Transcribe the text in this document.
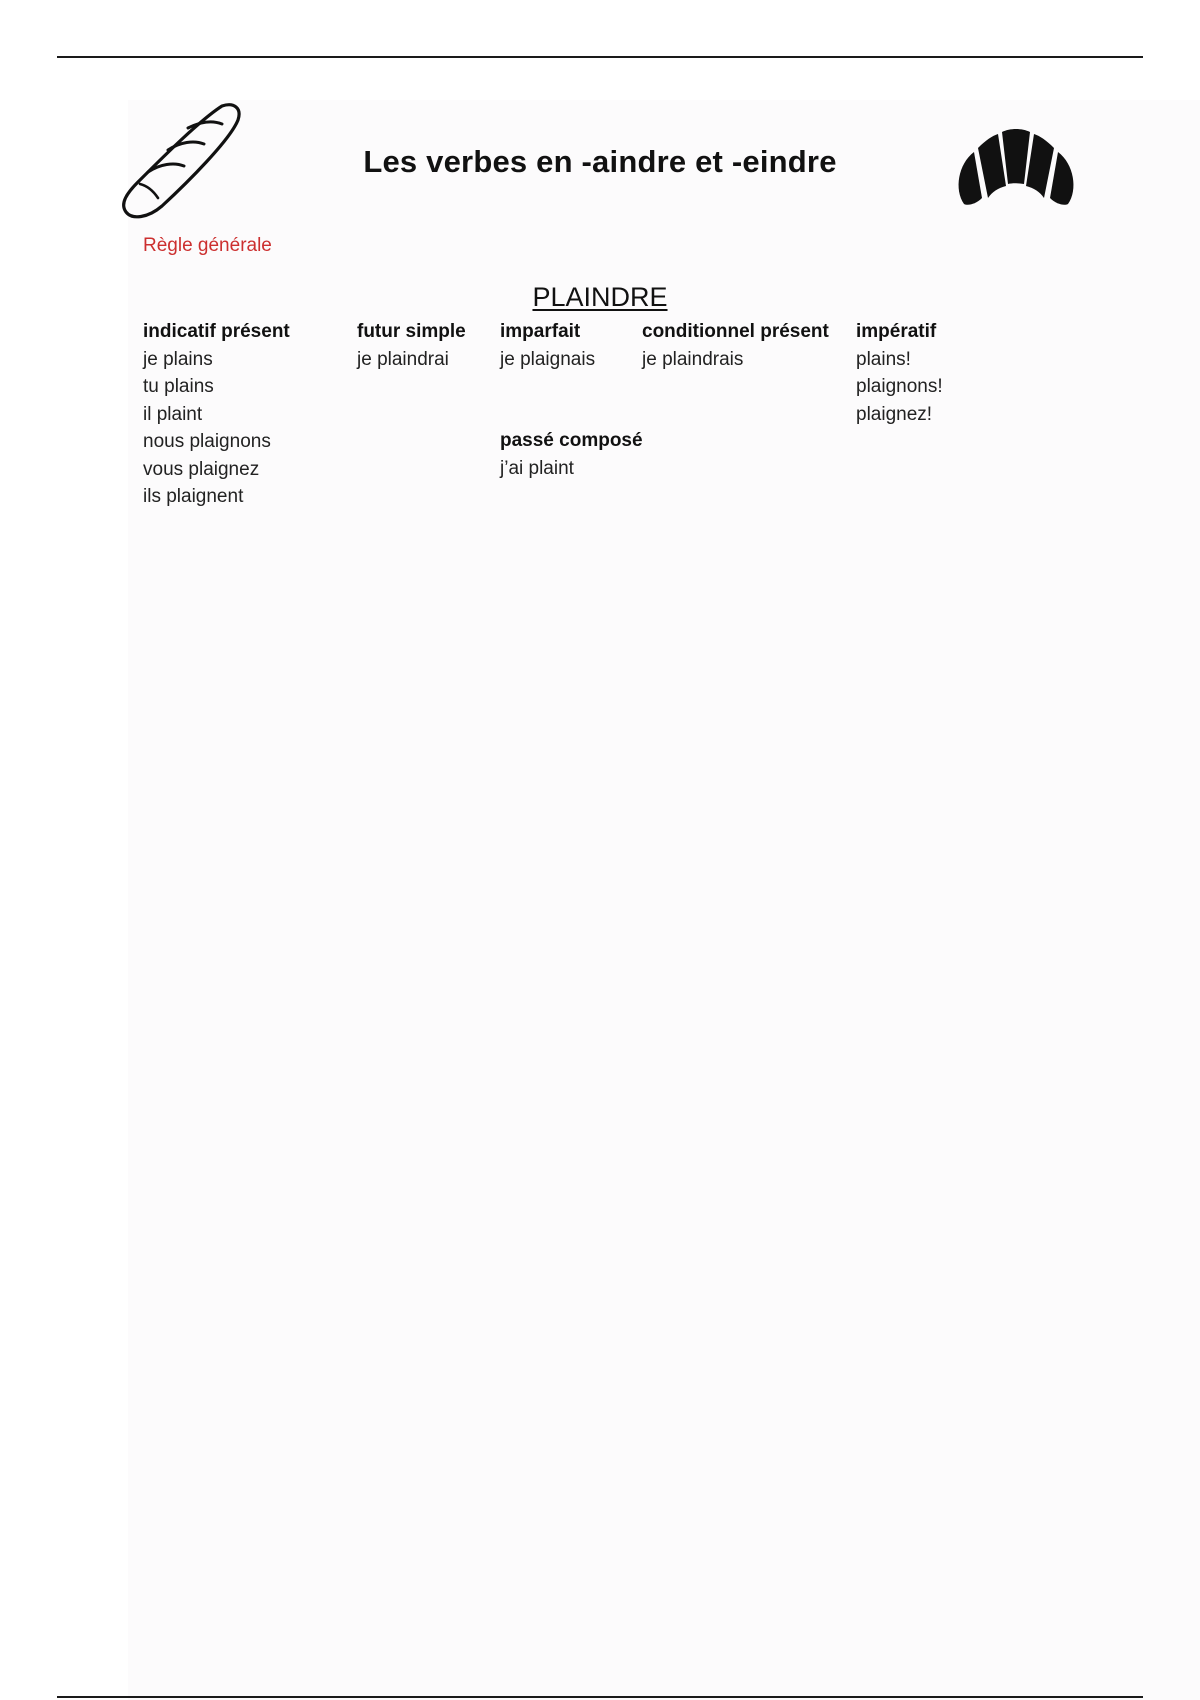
Les verbes en -aindre et -eindre
Règle générale
PLAINDRE
indicatif présent
je plains
tu plains
il plaint
nous plaignons
vous plaignez
ils plaignent
futur simple
je plaindrai
imparfait
je plaignais
passé composé
j’ai plaint
conditionnel présent
je plaindrais
impératif
plains!
plaignons!
plaignez!
